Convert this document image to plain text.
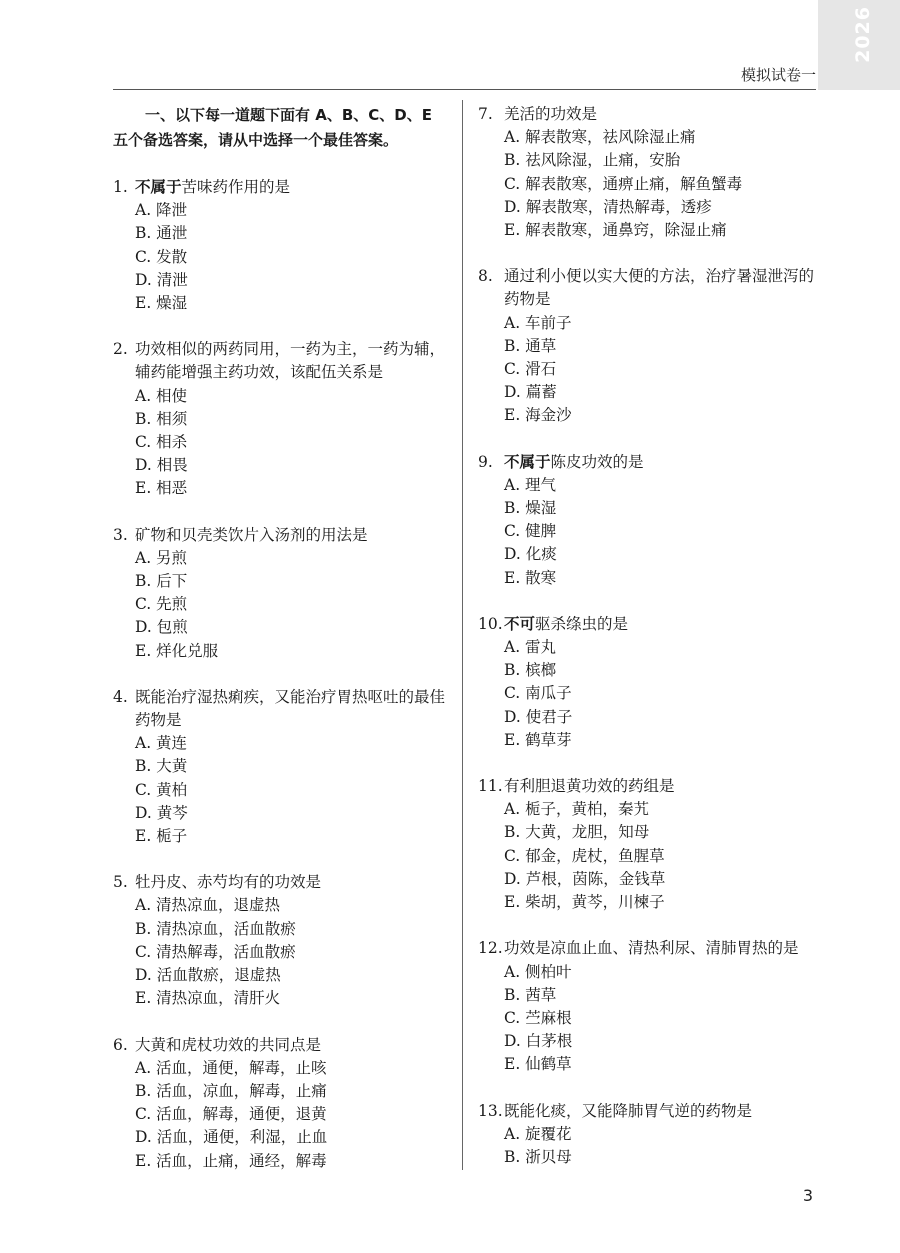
2026
模拟试卷一
一、以下每一道题下面有 A、B、C、D、E 五个备选答案，请从中选择一个最佳答案。
1. 不属于苦味药作用的是
A. 降泄
B. 通泄
C. 发散
D. 清泄
E. 燥湿
2. 功效相似的两药同用，一药为主，一药为辅，辅药能增强主药功效，该配伍关系是
A. 相使
B. 相须
C. 相杀
D. 相畏
E. 相恶
3. 矿物和贝壳类饮片入汤剂的用法是
A. 另煎
B. 后下
C. 先煎
D. 包煎
E. 烊化兑服
4. 既能治疗湿热痢疾，又能治疗胃热呕吐的最佳药物是
A. 黄连
B. 大黄
C. 黄柏
D. 黄芩
E. 栀子
5. 牡丹皮、赤芍均有的功效是
A. 清热凉血，退虚热
B. 清热凉血，活血散瘀
C. 清热解毒，活血散瘀
D. 活血散瘀，退虚热
E. 清热凉血，清肝火
6. 大黄和虎杖功效的共同点是
A. 活血，通便，解毒，止咳
B. 活血，凉血，解毒，止痛
C. 活血，解毒，通便，退黄
D. 活血，通便，利湿，止血
E. 活血，止痛，通经，解毒
7. 羌活的功效是
A. 解表散寒，祛风除湿止痛
B. 祛风除湿，止痛，安胎
C. 解表散寒，通痹止痛，解鱼蟹毒
D. 解表散寒，清热解毒，透疹
E. 解表散寒，通鼻窍，除湿止痛
8. 通过利小便以实大便的方法，治疗暑湿泄泻的药物是
A. 车前子
B. 通草
C. 滑石
D. 萹蓄
E. 海金沙
9. 不属于陈皮功效的是
A. 理气
B. 燥湿
C. 健脾
D. 化痰
E. 散寒
10. 不可驱杀绦虫的是
A. 雷丸
B. 槟榔
C. 南瓜子
D. 使君子
E. 鹤草芽
11. 有利胆退黄功效的药组是
A. 栀子，黄柏，秦艽
B. 大黄，龙胆，知母
C. 郁金，虎杖，鱼腥草
D. 芦根，茵陈，金钱草
E. 柴胡，黄芩，川楝子
12. 功效是凉血止血、清热利尿、清肺胃热的是
A. 侧柏叶
B. 茜草
C. 苎麻根
D. 白茅根
E. 仙鹤草
13. 既能化痰，又能降肺胃气逆的药物是
A. 旋覆花
B. 浙贝母
3
